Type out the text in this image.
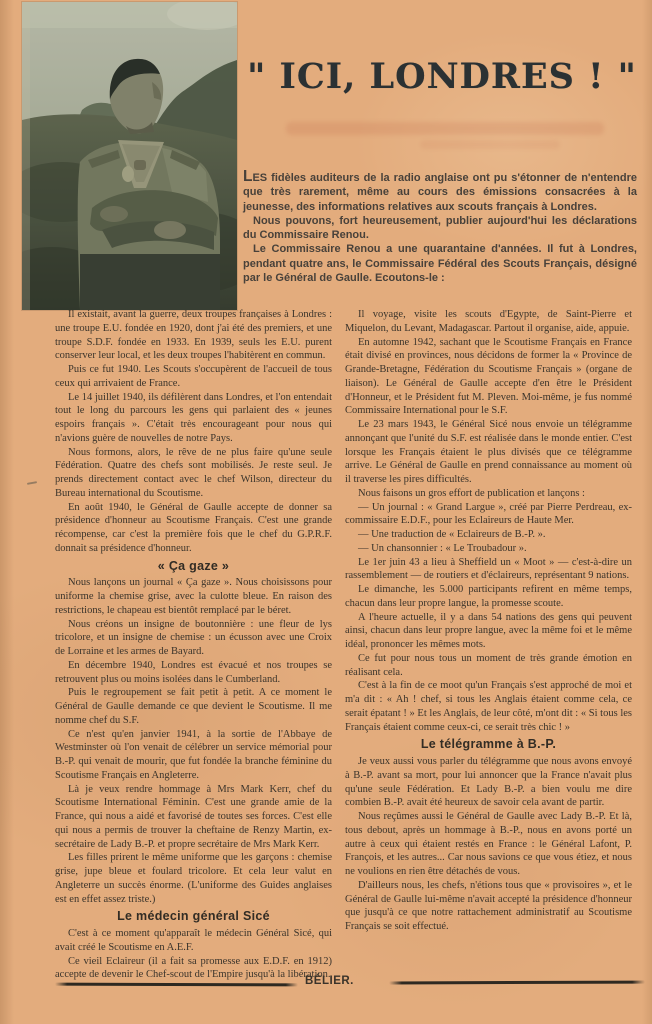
" ICI, LONDRES ! "

LES fidèles auditeurs de la radio anglaise ont pu s'étonner de n'entendre que très rarement, même au cours des émissions consacrées à la jeunesse, des informations relatives aux scouts français à Londres.

Nous pouvons, fort heureusement, publier aujourd'hui les déclarations du Commissaire Renou.

Le Commissaire Renou a une quarantaine d'années. Il fut à Londres, pendant quatre ans, le Commissaire Fédéral des Scouts Français, désigné par le Général de Gaulle. Ecoutons-le :

Il existait, avant la guerre, deux troupes françaises à Londres : une troupe E.U. fondée en 1920, dont j'ai été des premiers, et une troupe S.D.F. fondée en 1933. En 1939, seuls les E.U. purent conserver leur local, et les deux troupes l'habitèrent en commun.

Puis ce fut 1940. Les Scouts s'occupèrent de l'accueil de tous ceux qui arrivaient de France.

Le 14 juillet 1940, ils défilèrent dans Londres, et l'on entendait tout le long du parcours les gens qui parlaient des « jeunes espoirs français ». C'était très encourageant pour nous qui n'avions guère de nouvelles de notre Pays.

Nous formons, alors, le rêve de ne plus faire qu'une seule Fédération. Quatre des chefs sont mobilisés. Je reste seul. Je prends directement contact avec le chef Wilson, directeur du Bureau international du Scoutisme.

En août 1940, le Général de Gaulle accepte de donner sa présidence d'honneur au Scoutisme Français. C'est une grande récompense, car c'est la première fois que le chef du G.P.R.F. donnait sa présidence d'honneur.

« Ça gaze »

Nous lançons un journal « Ça gaze ». Nous choisissons pour uniforme la chemise grise, avec la culotte bleue. En raison des restrictions, le chapeau est bientôt remplacé par le béret.

Nous créons un insigne de boutonnière : une fleur de lys tricolore, et un insigne de chemise : un écusson avec une Croix de Lorraine et les armes de Bayard.

En décembre 1940, Londres est évacué et nos troupes se retrouvent plus ou moins isolées dans le Cumberland.

Puis le regroupement se fait petit à petit. A ce moment le Général de Gaulle demande ce que devient le Scoutisme. Il me nomme chef du S.F.

Ce n'est qu'en janvier 1941, à la sortie de l'Abbaye de Westminster où l'on venait de célébrer un service mémorial pour B.-P. qui venait de mourir, que fut fondée la branche féminine du Scoutisme Français en Angleterre.

Là je veux rendre hommage à Mrs Mark Kerr, chef du Scoutisme International Féminin. C'est une grande amie de la France, qui nous a aidé et favorisé de toutes ses forces. C'est elle qui nous a permis de trouver la cheftaine de Renzy Martin, ex-secrétaire de Lady B.-P. et propre secrétaire de Mrs Mark Kerr.

Les filles prirent le même uniforme que les garçons : chemise grise, jupe bleue et foulard tricolore. Et cela leur valut en Angleterre un succès énorme. (L'uniforme des Guides anglaises est en effet assez triste.)

Le médecin général Sicé

C'est à ce moment qu'apparaît le médecin Général Sicé, qui avait créé le Scoutisme en A.E.F.

Ce vieil Eclaireur (il a fait sa promesse aux E.D.F. en 1912) accepte de devenir le Chef-scout de l'Empire jusqu'à la libération.

Il voyage, visite les scouts d'Egypte, de Saint-Pierre et Miquelon, du Levant, Madagascar. Partout il organise, aide, appuie.

En automne 1942, sachant que le Scoutisme Français en France était divisé en provinces, nous décidons de former la « Province de Grande-Bretagne, Fédération du Scoutisme Français » (organe de liaison). Le Général de Gaulle accepte d'en être le Président d'Honneur, et le Président fut M. Pleven. Moi-même, je fus nommé Commissaire International pour le S.F.

Le 23 mars 1943, le Général Sicé nous envoie un télégramme annonçant que l'unité du S.F. est réalisée dans le monde entier. C'est lorsque les Français étaient le plus divisés que ce télégramme arrive. Le Général de Gaulle en prend connaissance au moment où il traverse les pires difficultés.

Nous faisons un gros effort de publication et lançons :

— Un journal : « Grand Largue », créé par Pierre Perdreau, ex-commissaire E.D.F., pour les Eclaireurs de Haute Mer.

— Une traduction de « Eclaireurs de B.-P. ».

— Un chansonnier : « Le Troubadour ».

Le 1er juin 43 a lieu à Sheffield un « Moot » — c'est-à-dire un rassemblement — de routiers et d'éclaireurs, représentant 9 nations.

Le dimanche, les 5.000 participants refirent en même temps, chacun dans leur propre langue, la promesse scoute.

A l'heure actuelle, il y a dans 54 nations des gens qui peuvent ainsi, chacun dans leur propre langue, avec la même foi et le même idéal, prononcer les mêmes mots.

Ce fut pour nous tous un moment de très grande émotion en réalisant cela.

C'est à la fin de ce moot qu'un Français s'est approché de moi et m'a dit : « Ah ! chef, si tous les Anglais étaient comme cela, ce serait épatant ! » Et les Anglais, de leur côté, m'ont dit : « Si tous les Français étaient comme ceux-ci, ce serait très chic ! »

Le télégramme à B.-P.

Je veux aussi vous parler du télégramme que nous avons envoyé à B.-P. avant sa mort, pour lui annoncer que la France n'avait plus qu'une seule Fédération. Et Lady B.-P. a bien voulu me dire combien B.-P. avait été heureux de savoir cela avant de partir.

Nous reçûmes aussi le Général de Gaulle avec Lady B.-P. Et là, tous debout, après un hommage à B.-P., nous en avons porté un autre à ceux qui étaient restés en France : le Général Lafont, P. François, et les autres... Car nous savions ce que vous étiez, et nous ne voulions en rien être détachés de vous.

D'ailleurs nous, les chefs, n'étions tous que « provisoires », et le Général de Gaulle lui-même n'avait accepté la présidence d'honneur que jusqu'à ce que notre rattachement administratif au Scoutisme Français se soit effectué.

BÉLIER.
